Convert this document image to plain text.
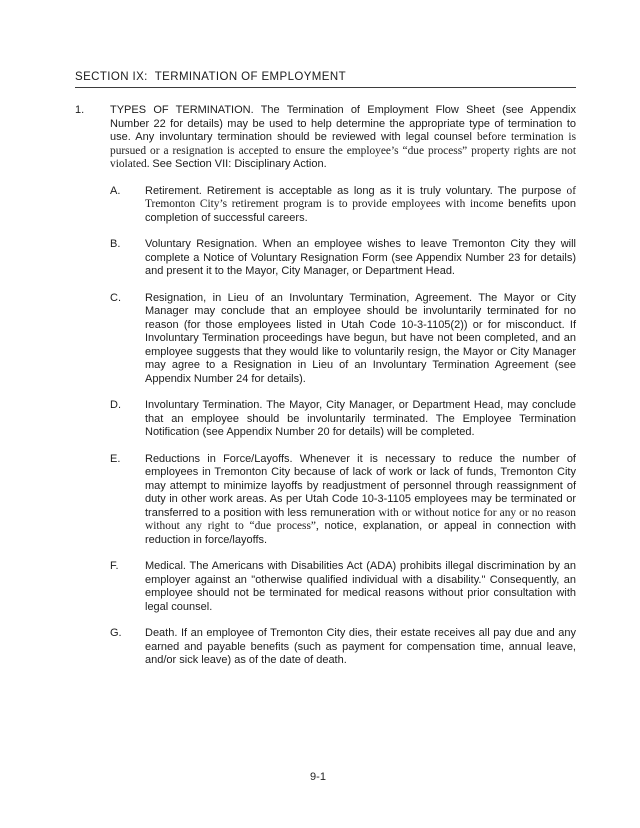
SECTION IX:  TERMINATION OF EMPLOYMENT
1.	TYPES OF TERMINATION. The Termination of Employment Flow Sheet (see Appendix Number 22 for details) may be used to help determine the appropriate type of termination to use. Any involuntary termination should be reviewed with legal counsel before termination is pursued or a resignation is accepted to ensure the employee’s “due process” property rights are not violated. See Section VII: Disciplinary Action.
A.	Retirement. Retirement is acceptable as long as it is truly voluntary. The purpose of Tremonton City’s retirement program is to provide employees with income benefits upon completion of successful careers.
B.	Voluntary Resignation. When an employee wishes to leave Tremonton City they will complete a Notice of Voluntary Resignation Form (see Appendix Number 23 for details) and present it to the Mayor, City Manager, or Department Head.
C.	Resignation, in Lieu of an Involuntary Termination, Agreement. The Mayor or City Manager may conclude that an employee should be involuntarily terminated for no reason (for those employees listed in Utah Code 10-3-1105(2)) or for misconduct. If Involuntary Termination proceedings have begun, but have not been completed, and an employee suggests that they would like to voluntarily resign, the Mayor or City Manager may agree to a Resignation in Lieu of an Involuntary Termination Agreement (see Appendix Number 24 for details).
D.	Involuntary Termination. The Mayor, City Manager, or Department Head, may conclude that an employee should be involuntarily terminated. The Employee Termination Notification (see Appendix Number 20 for details) will be completed.
E.	Reductions in Force/Layoffs. Whenever it is necessary to reduce the number of employees in Tremonton City because of lack of work or lack of funds, Tremonton City may attempt to minimize layoffs by readjustment of personnel through reassignment of duty in other work areas. As per Utah Code 10-3-1105 employees may be terminated or transferred to a position with less remuneration with or without notice for any or no reason without any right to “due process”, notice, explanation, or appeal in connection with reduction in force/layoffs.
F.	Medical. The Americans with Disabilities Act (ADA) prohibits illegal discrimination by an employer against an "otherwise qualified individual with a disability." Consequently, an employee should not be terminated for medical reasons without prior consultation with legal counsel.
G.	Death. If an employee of Tremonton City dies, their estate receives all pay due and any earned and payable benefits (such as payment for compensation time, annual leave, and/or sick leave) as of the date of death.
9-1
